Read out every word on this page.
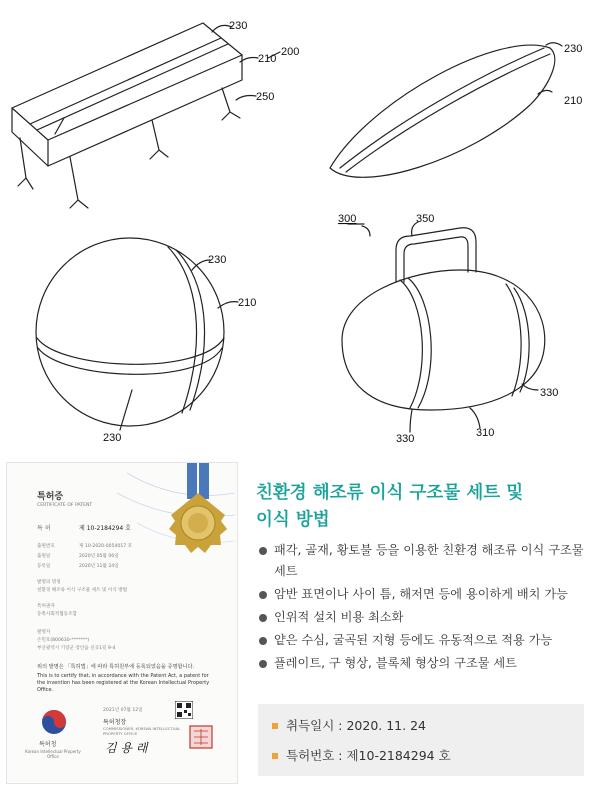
230
210
200
250
230
210
230
210
230
300	350
330
330	310
특허증
CERTIFICATE OF PATENT
특 허	제 10-2184294 호
출원번호	제 10-2020-0054017 호
출원일	2020년 05월 06일
등록일	2020년 11월 24일
발명의 명칭
친환경 해조류 이식 구조물 세트 및 이식 방법
특허권자
동쪽사회적협동조합
발명자
손민호(800630-*******)
부산광역시 기장군 장안읍 신곡1길 9-4
위의 발명은 「특허법」에 따라 특허원부에 등록되었음을 증명합니다.
This is to certify that, in accordance with the Patent Act, a patent for the invention has been registered at the Korean Intellectual Property Office.
특허청
Korean Intellectual Property Office
2021년 07월 12일
특허청장
COMMISSIONER, KOREAN INTELLECTUAL PROPERTY OFFICE
김 용 래
친환경 해조류 이식 구조물 세트 및
이식 방법
패각, 골재, 황토불 등을 이용한 친환경 해조류 이식 구조물 세트
암반 표면이나 사이 틈, 해저면 등에 용이하게 배치 가능
인위적 설치 비용 최소화
얕은 수심, 굴곡된 지형 등에도 유동적으로 적용 가능
플레이트, 구 형상, 블록체 형상의 구조물 세트
취득일시 : 2020. 11. 24
특허번호 : 제10-2184294 호
